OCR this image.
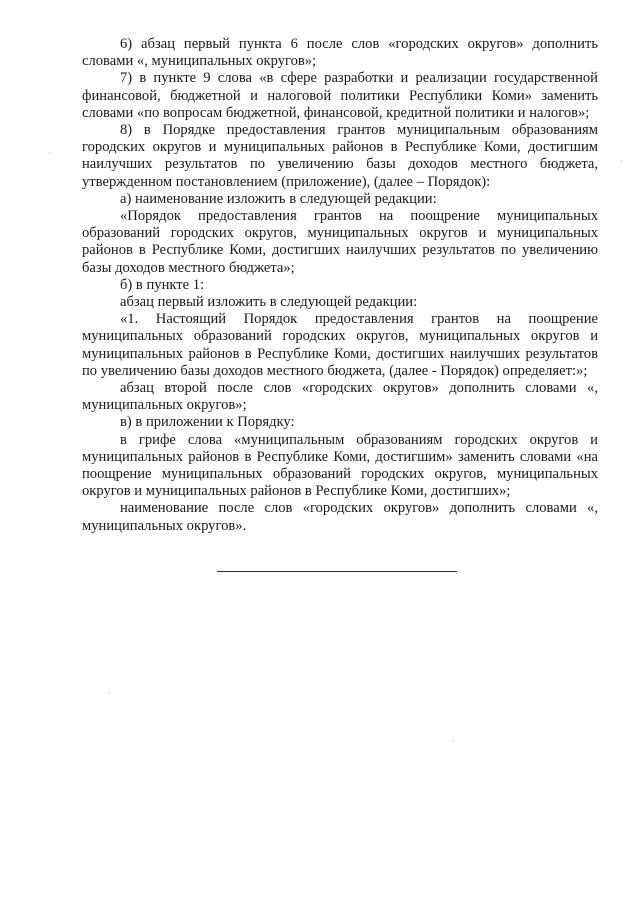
6) абзац первый пункта 6 после слов «городских округов» дополнить словами «, муниципальных округов»;

7) в пункте 9 слова «в сфере разработки и реализации государственной финансовой, бюджетной и налоговой политики Республики Коми» заменить словами «по вопросам бюджетной, финансовой, кредитной политики и налогов»;

8) в Порядке предоставления грантов муниципальным образованиям городских округов и муниципальных районов в Республике Коми, достигшим наилучших результатов по увеличению базы доходов местного бюджета, утвержденном постановлением (приложение), (далее – Порядок):

а) наименование изложить в следующей редакции:

«Порядок предоставления грантов на поощрение муниципальных образований городских округов, муниципальных округов и муниципальных районов в Республике Коми, достигших наилучших результатов по увеличению базы доходов местного бюджета»;

б) в пункте 1:

абзац первый изложить в следующей редакции:

«1. Настоящий Порядок предоставления грантов на поощрение муниципальных образований городских округов, муниципальных округов и муниципальных районов в Республике Коми, достигших наилучших результатов по увеличению базы доходов местного бюджета, (далее - Порядок) определяет:»;

абзац второй после слов «городских округов» дополнить словами «, муниципальных округов»;

в) в приложении к Порядку:

в грифе слова «муниципальным образованиям городских округов и муниципальных районов в Республике Коми, достигшим» заменить словами «на поощрение муниципальных образований городских округов, муниципальных округов и муниципальных районов в Республике Коми, достигших»;

наименование после слов «городских округов» дополнить словами «, муниципальных округов».

·
·
·
·
